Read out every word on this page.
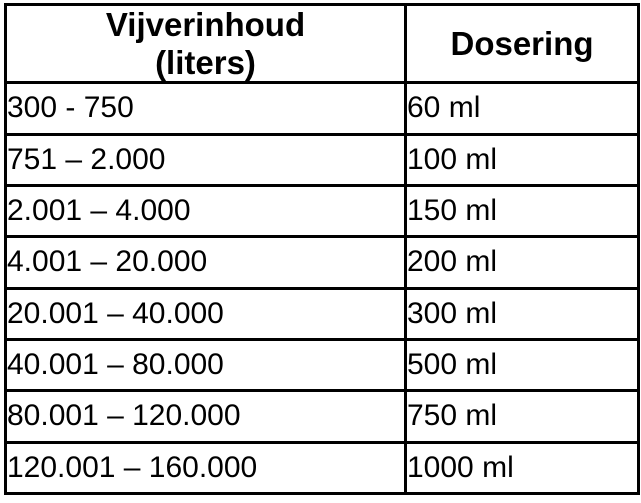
Vijverinhoud
(liters)	Dosering
300 - 750	60 ml
751 – 2.000	100 ml
2.001 – 4.000	150 ml
4.001 – 20.000	200 ml
20.001 – 40.000	300 ml
40.001 – 80.000	500 ml
80.001 – 120.000	750 ml
120.001 – 160.000	1000 ml
